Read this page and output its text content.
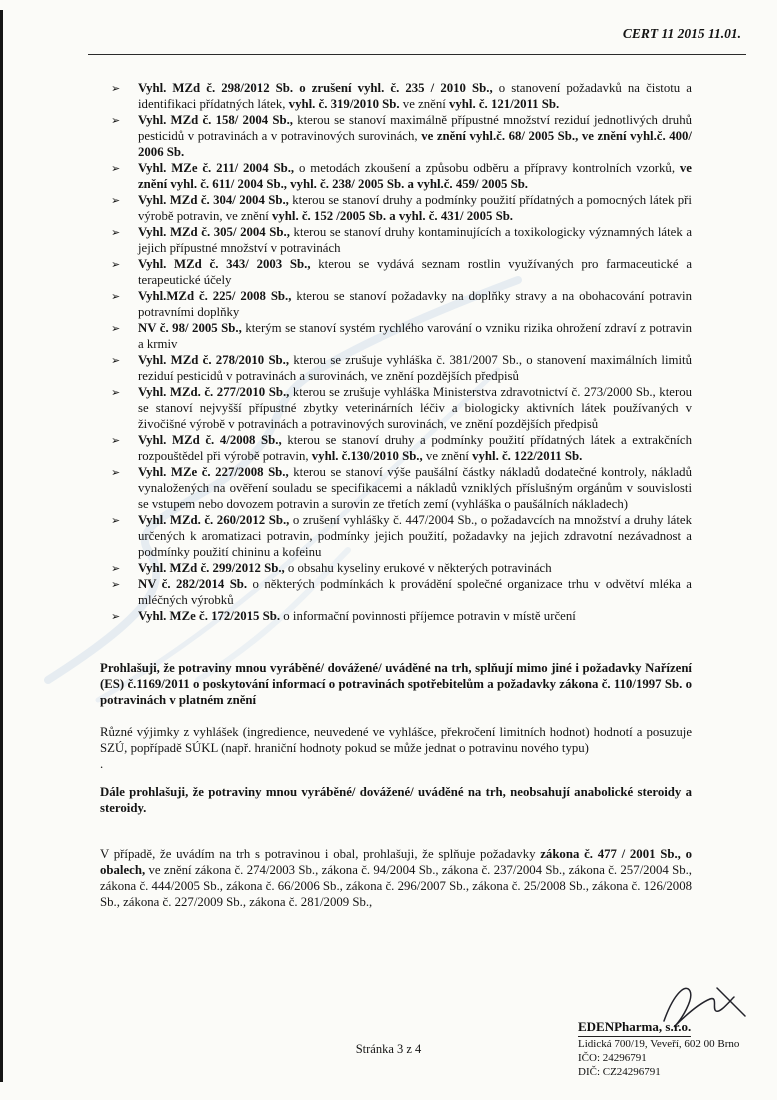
CERT 11 2015 11.01.
➢ Vyhl. MZd č. 298/2012 Sb. o zrušení vyhl. č. 235 / 2010 Sb., o stanovení požadavků na čistotu a identifikaci přídatných látek, vyhl. č. 319/2010 Sb. ve znění vyhl. č. 121/2011 Sb.
➢ Vyhl. MZd č. 158/ 2004 Sb., kterou se stanoví maximálně přípustné množství reziduí jednotlivých druhů pesticidů v potravinách a v potravinových surovinách, ve znění vyhl.č. 68/ 2005 Sb., ve znění vyhl.č. 400/ 2006 Sb.
➢ Vyhl. MZe č. 211/ 2004 Sb., o metodách zkoušení a způsobu odběru a přípravy kontrolních vzorků, ve znění vyhl. č. 611/ 2004 Sb., vyhl. č. 238/ 2005 Sb. a vyhl.č. 459/ 2005 Sb.
➢ Vyhl. MZd č. 304/ 2004 Sb., kterou se stanoví druhy a podmínky použití přídatných a pomocných látek při výrobě potravin, ve znění vyhl. č. 152 /2005 Sb. a vyhl. č. 431/ 2005 Sb.
➢ Vyhl. MZd č. 305/ 2004 Sb., kterou se stanoví druhy kontaminujících a toxikologicky významných látek a jejich přípustné množství v potravinách
➢ Vyhl. MZd č. 343/ 2003 Sb., kterou se vydává seznam rostlin využívaných pro farmaceutické a terapeutické účely
➢ Vyhl.MZd č. 225/ 2008 Sb., kterou se stanoví požadavky na doplňky stravy a na obohacování potravin potravními doplňky
➢ NV č. 98/ 2005 Sb., kterým se stanoví systém rychlého varování o vzniku rizika ohrožení zdraví z potravin a krmiv
➢ Vyhl. MZd č. 278/2010 Sb., kterou se zrušuje vyhláška č. 381/2007 Sb., o stanovení maximálních limitů reziduí pesticidů v potravinách a surovinách, ve znění pozdějších předpisů
➢ Vyhl. MZd. č. 277/2010 Sb., kterou se zrušuje vyhláška Ministerstva zdravotnictví č. 273/2000 Sb., kterou se stanoví nejvyšší přípustné zbytky veterinárních léčiv a biologicky aktivních látek používaných v živočišné výrobě v potravinách a potravinových surovinách, ve znění pozdějších předpisů
➢ Vyhl. MZd č. 4/2008 Sb., kterou se stanoví druhy a podmínky použití přídatných látek a extrakčních rozpouštědel při výrobě potravin, vyhl. č.130/2010 Sb., ve znění vyhl. č. 122/2011 Sb.
➢ Vyhl. MZe č. 227/2008 Sb., kterou se stanoví výše paušální částky nákladů dodatečné kontroly, nákladů vynaložených na ověření souladu se specifikacemi a nákladů vzniklých příslušným orgánům v souvislosti se vstupem nebo dovozem potravin a surovin ze třetích zemí (vyhláška o paušálních nákladech)
➢ Vyhl. MZd. č. 260/2012 Sb., o zrušení vyhlášky č. 447/2004 Sb., o požadavcích na množství a druhy látek určených k aromatizaci potravin, podmínky jejich použití, požadavky na jejich zdravotní nezávadnost a podmínky použití chininu a kofeinu
➢ Vyhl. MZd č. 299/2012 Sb., o obsahu kyseliny erukové v některých potravinách
➢ NV č. 282/2014 Sb. o některých podmínkách k provádění společné organizace trhu v odvětví mléka a mléčných výrobků
➢ Vyhl. MZe č. 172/2015 Sb. o informační povinnosti příjemce potravin v místě určení

Prohlašuji, že potraviny mnou vyráběné/ dovážené/ uváděné na trh, splňují mimo jiné i požadavky Nařízení (ES) č.1169/2011 o poskytování informací o potravinách spotřebitelům a požadavky zákona č. 110/1997 Sb. o potravinách v platném znění

Různé výjimky z vyhlášek (ingredience, neuvedené ve vyhlášce, překročení limitních hodnot) hodnotí a posuzuje SZÚ, popřípadě SÚKL (např. hraniční hodnoty pokud se může jednat o potravinu nového typu)

.

Dále prohlašuji, že potraviny mnou vyráběné/ dovážené/ uváděné na trh, neobsahují anabolické steroidy a steroidy.

V případě, že uvádím na trh s potravinou i obal, prohlašuji, že splňuje požadavky zákona č. 477 / 2001 Sb., o obalech, ve znění zákona č. 274/2003 Sb., zákona č. 94/2004 Sb., zákona č. 237/2004 Sb., zákona č. 257/2004 Sb., zákona č. 444/2005 Sb., zákona č. 66/2006 Sb., zákona č. 296/2007 Sb., zákona č. 25/2008 Sb., zákona č. 126/2008 Sb., zákona č. 227/2009 Sb., zákona č. 281/2009 Sb.,

Stránka 3 z 4
EDENPharma, s.r.o.
Lidická 700/19, Veveří, 602 00 Brno
IČO: 24296791
DIČ: CZ24296791
